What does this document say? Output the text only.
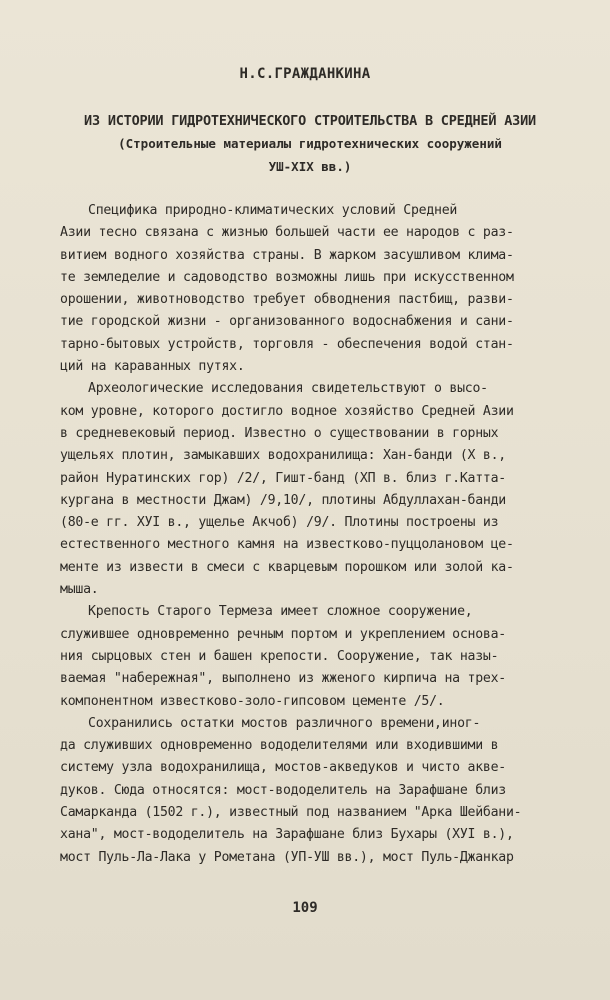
Н.С.ГРАЖДАНКИНА
ИЗ ИСТОРИИ ГИДРОТЕХНИЧЕСКОГО СТРОИТЕЛЬСТВА В СРЕДНЕЙ АЗИИ
(Строительные материалы гидротехнических сооружений
УШ-XIX вв.)
Специфика природно-климатических условий Средней
Азии тесно связана с жизнью большей части ее народов с раз-
витием водного хозяйства страны. В жарком засушливом клима-
те земледелие и садоводство возможны лишь при искусственном
орошении, животноводство требует обводнения пастбищ, разви-
тие городской жизни - организованного водоснабжения и сани-
тарно-бытовых устройств, торговля - обеспечения водой стан-
ций на караванных путях.
Археологические исследования свидетельствуют о высо-
ком уровне, которого достигло водное хозяйство Средней Азии
в средневековый период. Известно о существовании в горных
ущельях плотин, замыкавших водохранилища: Хан-банди (X в.,
район Нуратинских гор) /2/, Гишт-банд (XП в. близ г.Катта-
кургана в местности Джам) /9,10/, плотины Абдуллахан-банди
(80-е гг. ХУI в., ущелье Акчоб) /9/. Плотины построены из
естественного местного камня на известково-пуццолановом це-
менте из извести в смеси с кварцевым порошком или золой ка-
мыша.
Крепость Старого Термеза имеет сложное сооружение,
служившее одновременно речным портом и укреплением основа-
ния сырцовых стен и башен крепости. Сооружение, так назы-
ваемая "набережная", выполнено из жженого кирпича на трех-
компонентном известково-золо-гипсовом цементе /5/.
Сохранились остатки мостов различного времени,иног-
да служивших одновременно вододелителями или входившими в
систему узла водохранилища, мостов-акведуков и чисто акве-
дуков. Сюда относятся: мост-вододелитель на Зарафшане близ
Самарканда (1502 г.), известный под названием "Арка Шейбани-
хана", мост-вододелитель на Зарафшане близ Бухары (ХУI в.),
мост Пуль-Ла-Лака у Рометана (УП-УШ вв.), мост Пуль-Джанкар
109
